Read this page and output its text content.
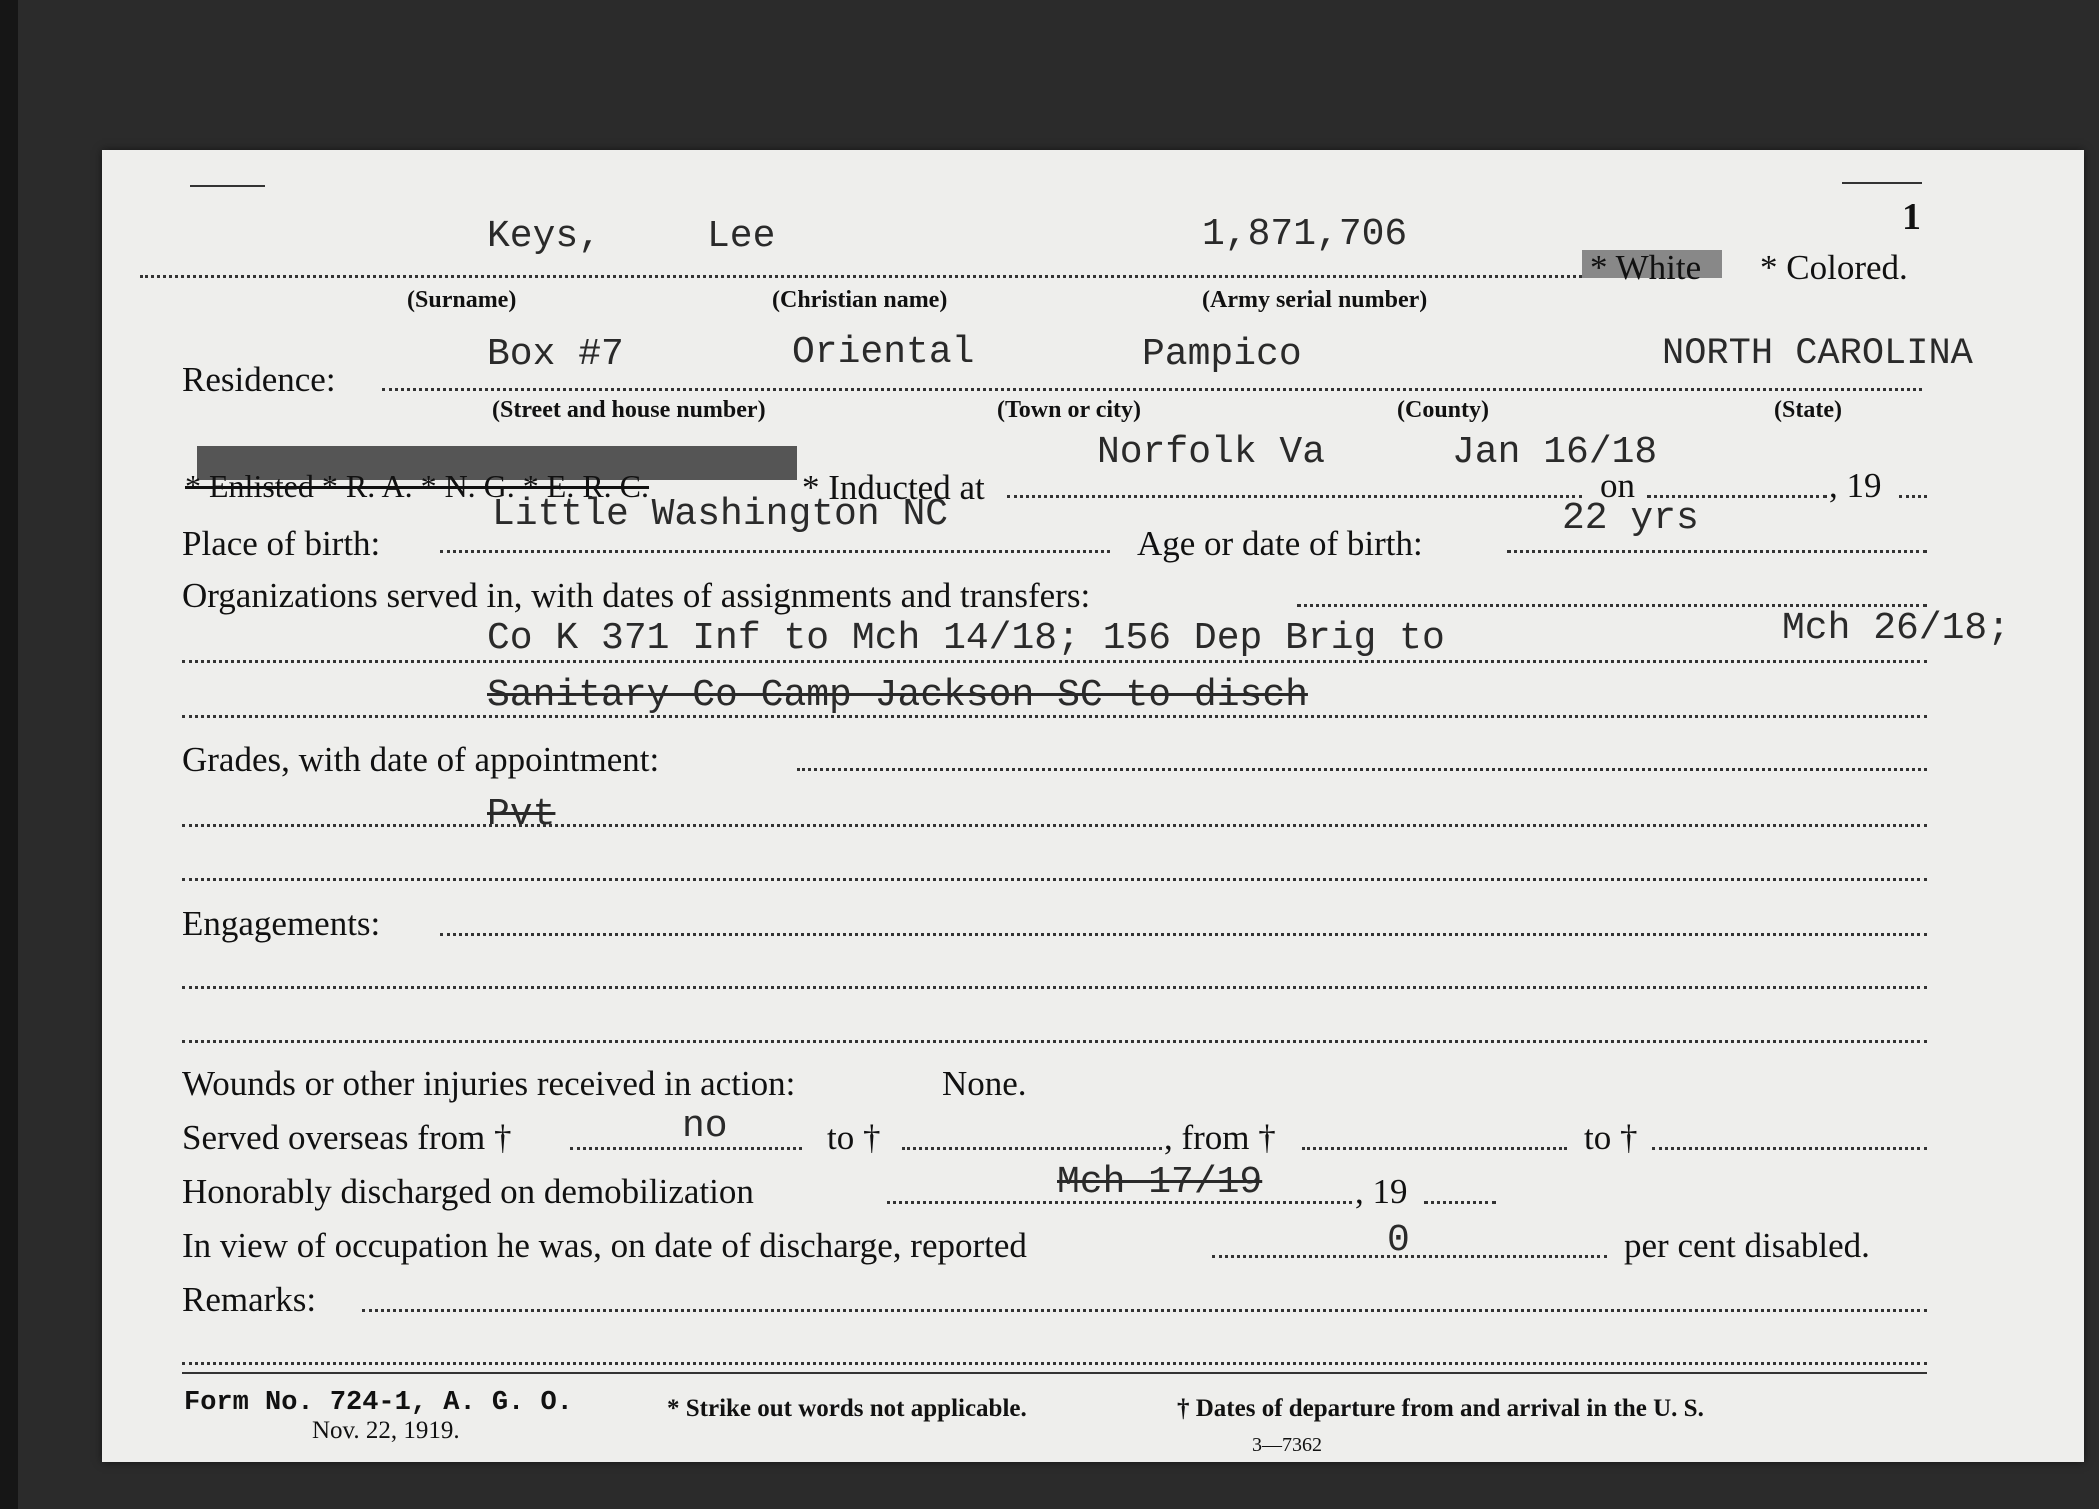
1
Keys,	Lee	1,871,706
* White * Colored.
(Surname)	(Christian name)	(Army serial number)
Residence:
Box #7	Oriental	Pampico	NORTH CAROLINA
(Street and house number)	(Town or city)	(County)	(State)
* Enlisted * R. A. * N. G. * E. R. C.	* Inducted at
Norfolk Va	Jan 16/18
on	, 19
Place of birth:
Little Washington NC
Age or date of birth:
22 yrs
Organizations served in, with dates of assignments and transfers:
Co K 371 Inf to Mch 14/18; 156 Dep Brig to	Mch 26/18;
Sanitary Co Camp Jackson SC to disch
Grades, with date of appointment:
Pvt
Engagements:
Wounds or other injuries received in action:	None.
Served overseas from †	no	to †	, from †	to †
Honorably discharged on demobilization	Mch 17/19	, 19
In view of occupation he was, on date of discharge, reported	0	per cent disabled.
Remarks:
Form No. 724-1, A. G. O.
Nov. 22, 1919.
* Strike out words not applicable.	† Dates of departure from and arrival in the U. S.
3—7362
